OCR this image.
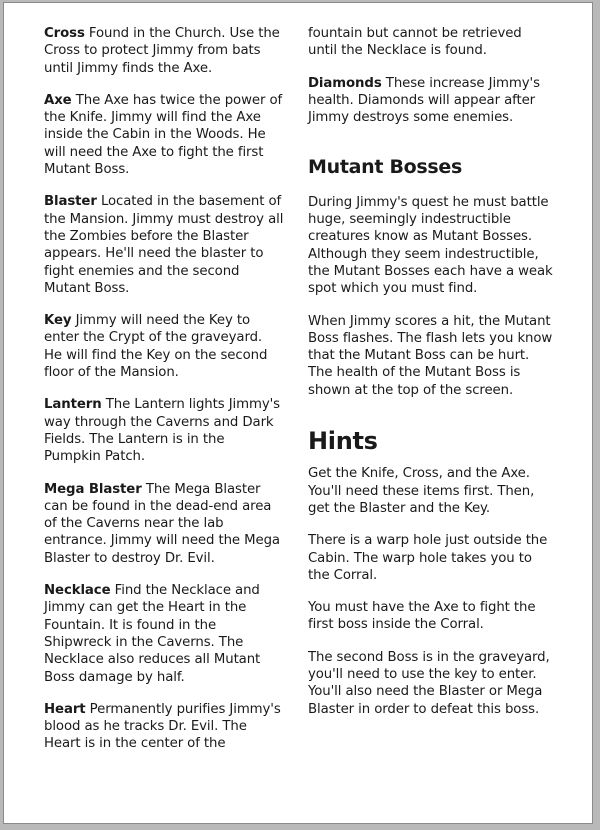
Cross Found in the Church. Use the Cross to protect Jimmy from bats until Jimmy finds the Axe.

Axe The Axe has twice the power of the Knife. Jimmy will find the Axe inside the Cabin in the Woods. He will need the Axe to fight the first Mutant Boss.

Blaster Located in the basement of the Mansion. Jimmy must destroy all the Zombies before the Blaster appears. He'll need the blaster to fight enemies and the second Mutant Boss.

Key Jimmy will need the Key to enter the Crypt of the graveyard. He will find the Key on the second floor of the Mansion.

Lantern The Lantern lights Jimmy's way through the Caverns and Dark Fields. The Lantern is in the Pumpkin Patch.

Mega Blaster The Mega Blaster can be found in the dead-end area of the Caverns near the lab entrance. Jimmy will need the Mega Blaster to destroy Dr. Evil.

Necklace Find the Necklace and Jimmy can get the Heart in the Fountain. It is found in the Shipwreck in the Caverns. The Necklace also reduces all Mutant Boss damage by half.

Heart Permanently purifies Jimmy's blood as he tracks Dr. Evil. The Heart is in the center of the

fountain but cannot be retrieved until the Necklace is found.

Diamonds These increase Jimmy's health. Diamonds will appear after Jimmy destroys some enemies.

Mutant Bosses

During Jimmy's quest he must battle huge, seemingly indestructible creatures know as Mutant Bosses. Although they seem indestructible, the Mutant Bosses each have a weak spot which you must find.

When Jimmy scores a hit, the Mutant Boss flashes. The flash lets you know that the Mutant Boss can be hurt. The health of the Mutant Boss is shown at the top of the screen.

Hints

Get the Knife, Cross, and the Axe. You'll need these items first. Then, get the Blaster and the Key.

There is a warp hole just outside the Cabin. The warp hole takes you to the Corral.

You must have the Axe to fight the first boss inside the Corral.

The second Boss is in the graveyard, you'll need to use the key to enter. You'll also need the Blaster or Mega Blaster in order to defeat this boss.
